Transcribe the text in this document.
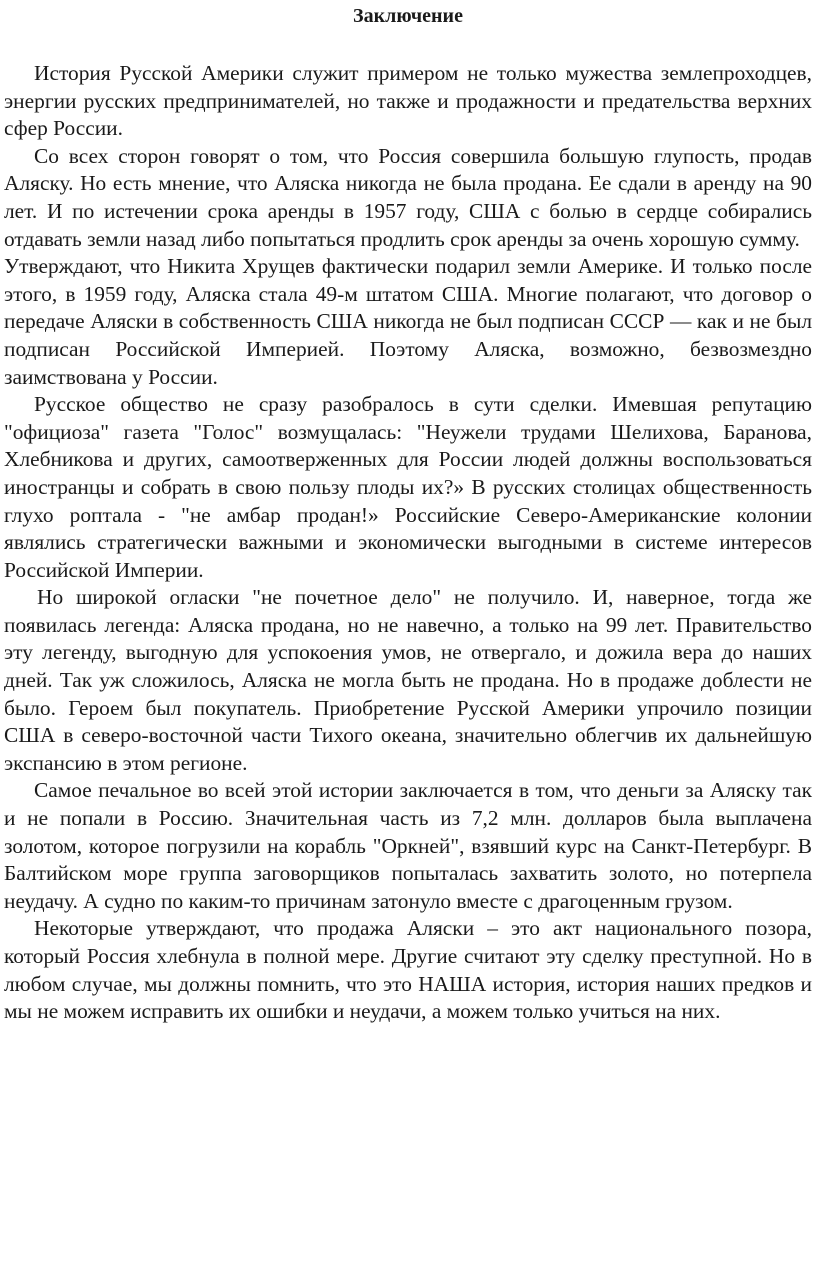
Заключение

История Русской Америки служит примером не только мужества землепроходцев, энергии русских предпринимателей, но также и продажности и предательства верхних сфер России.

Со всех сторон говорят о том, что Россия совершила большую глупость, продав Аляску. Но есть мнение, что Аляска никогда не была продана. Ее сдали в аренду на 90 лет. И по истечении срока аренды в 1957 году, США с болью в сердце собирались отдавать земли назад либо попытаться продлить срок аренды за очень хорошую сумму.

Утверждают, что Никита Хрущев фактически подарил земли Америке. И только после этого, в 1959 году, Аляска стала 49-м штатом США. Многие полагают, что договор о передаче Аляски в собственность США никогда не был подписан СССР — как и не был подписан Российской Империей. Поэтому Аляска, возможно, безвозмездно заимствована у России.

Русское общество не сразу разобралось в сути сделки. Имевшая репутацию "официоза" газета "Голос" возмущалась: "Неужели трудами Шелихова, Баранова, Хлебникова и других, самоотверженных для России людей должны воспользоваться иностранцы и собрать в свою пользу плоды их?» В русских столицах общественность глухо роптала - "не амбар продан!» Российские Северо-Американские колонии являлись стратегически важными и экономически выгодными в системе интересов Российской Империи.

Но широкой огласки "не почетное дело" не получило. И, наверное, тогда же появилась легенда: Аляска продана, но не навечно, а только на 99 лет. Правительство эту легенду, выгодную для успокоения умов, не отвергало, и дожила вера до наших дней. Так уж сложилось, Аляска не могла быть не продана. Но в продаже доблести не было. Героем был покупатель. Приобретение Русской Америки упрочило позиции США в северо-восточной части Тихого океана, значительно облегчив их дальнейшую экспансию в этом регионе.

Самое печальное во всей этой истории заключается в том, что деньги за Аляску так и не попали в Россию. Значительная часть из 7,2 млн. долларов была выплачена золотом, которое погрузили на корабль "Оркней", взявший курс на Санкт-Петербург. В Балтийском море группа заговорщиков попыталась захватить золото, но потерпела неудачу. А судно по каким-то причинам затонуло вместе с драгоценным грузом.

Некоторые утверждают, что продажа Аляски – это акт национального позора, который Россия хлебнула в полной мере. Другие считают эту сделку преступной. Но в любом случае, мы должны помнить, что это НАША история, история наших предков и мы не можем исправить их ошибки и неудачи, а можем только учиться на них.
